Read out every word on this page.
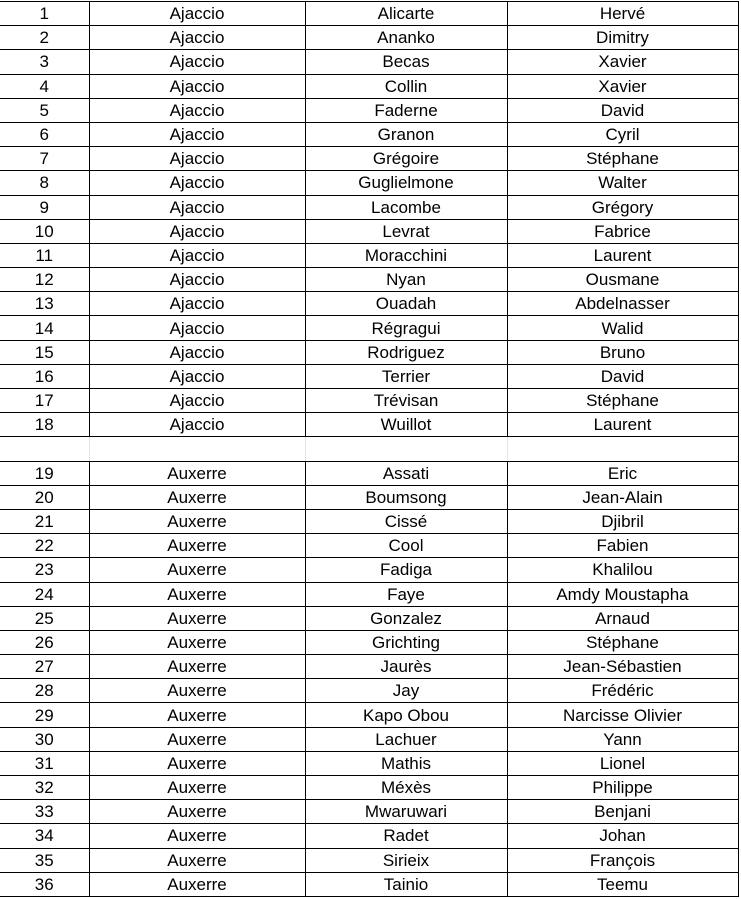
1	Ajaccio	Alicarte	Hervé
2	Ajaccio	Ananko	Dimitry
3	Ajaccio	Becas	Xavier
4	Ajaccio	Collin	Xavier
5	Ajaccio	Faderne	David
6	Ajaccio	Granon	Cyril
7	Ajaccio	Grégoire	Stéphane
8	Ajaccio	Guglielmone	Walter
9	Ajaccio	Lacombe	Grégory
10	Ajaccio	Levrat	Fabrice
11	Ajaccio	Moracchini	Laurent
12	Ajaccio	Nyan	Ousmane
13	Ajaccio	Ouadah	Abdelnasser
14	Ajaccio	Régragui	Walid
15	Ajaccio	Rodriguez	Bruno
16	Ajaccio	Terrier	David
17	Ajaccio	Trévisan	Stéphane
18	Ajaccio	Wuillot	Laurent

19	Auxerre	Assati	Eric
20	Auxerre	Boumsong	Jean-Alain
21	Auxerre	Cissé	Djibril
22	Auxerre	Cool	Fabien
23	Auxerre	Fadiga	Khalilou
24	Auxerre	Faye	Amdy Moustapha
25	Auxerre	Gonzalez	Arnaud
26	Auxerre	Grichting	Stéphane
27	Auxerre	Jaurès	Jean-Sébastien
28	Auxerre	Jay	Frédéric
29	Auxerre	Kapo Obou	Narcisse Olivier
30	Auxerre	Lachuer	Yann
31	Auxerre	Mathis	Lionel
32	Auxerre	Méxès	Philippe
33	Auxerre	Mwaruwari	Benjani
34	Auxerre	Radet	Johan
35	Auxerre	Sirieix	François
36	Auxerre	Tainio	Teemu
